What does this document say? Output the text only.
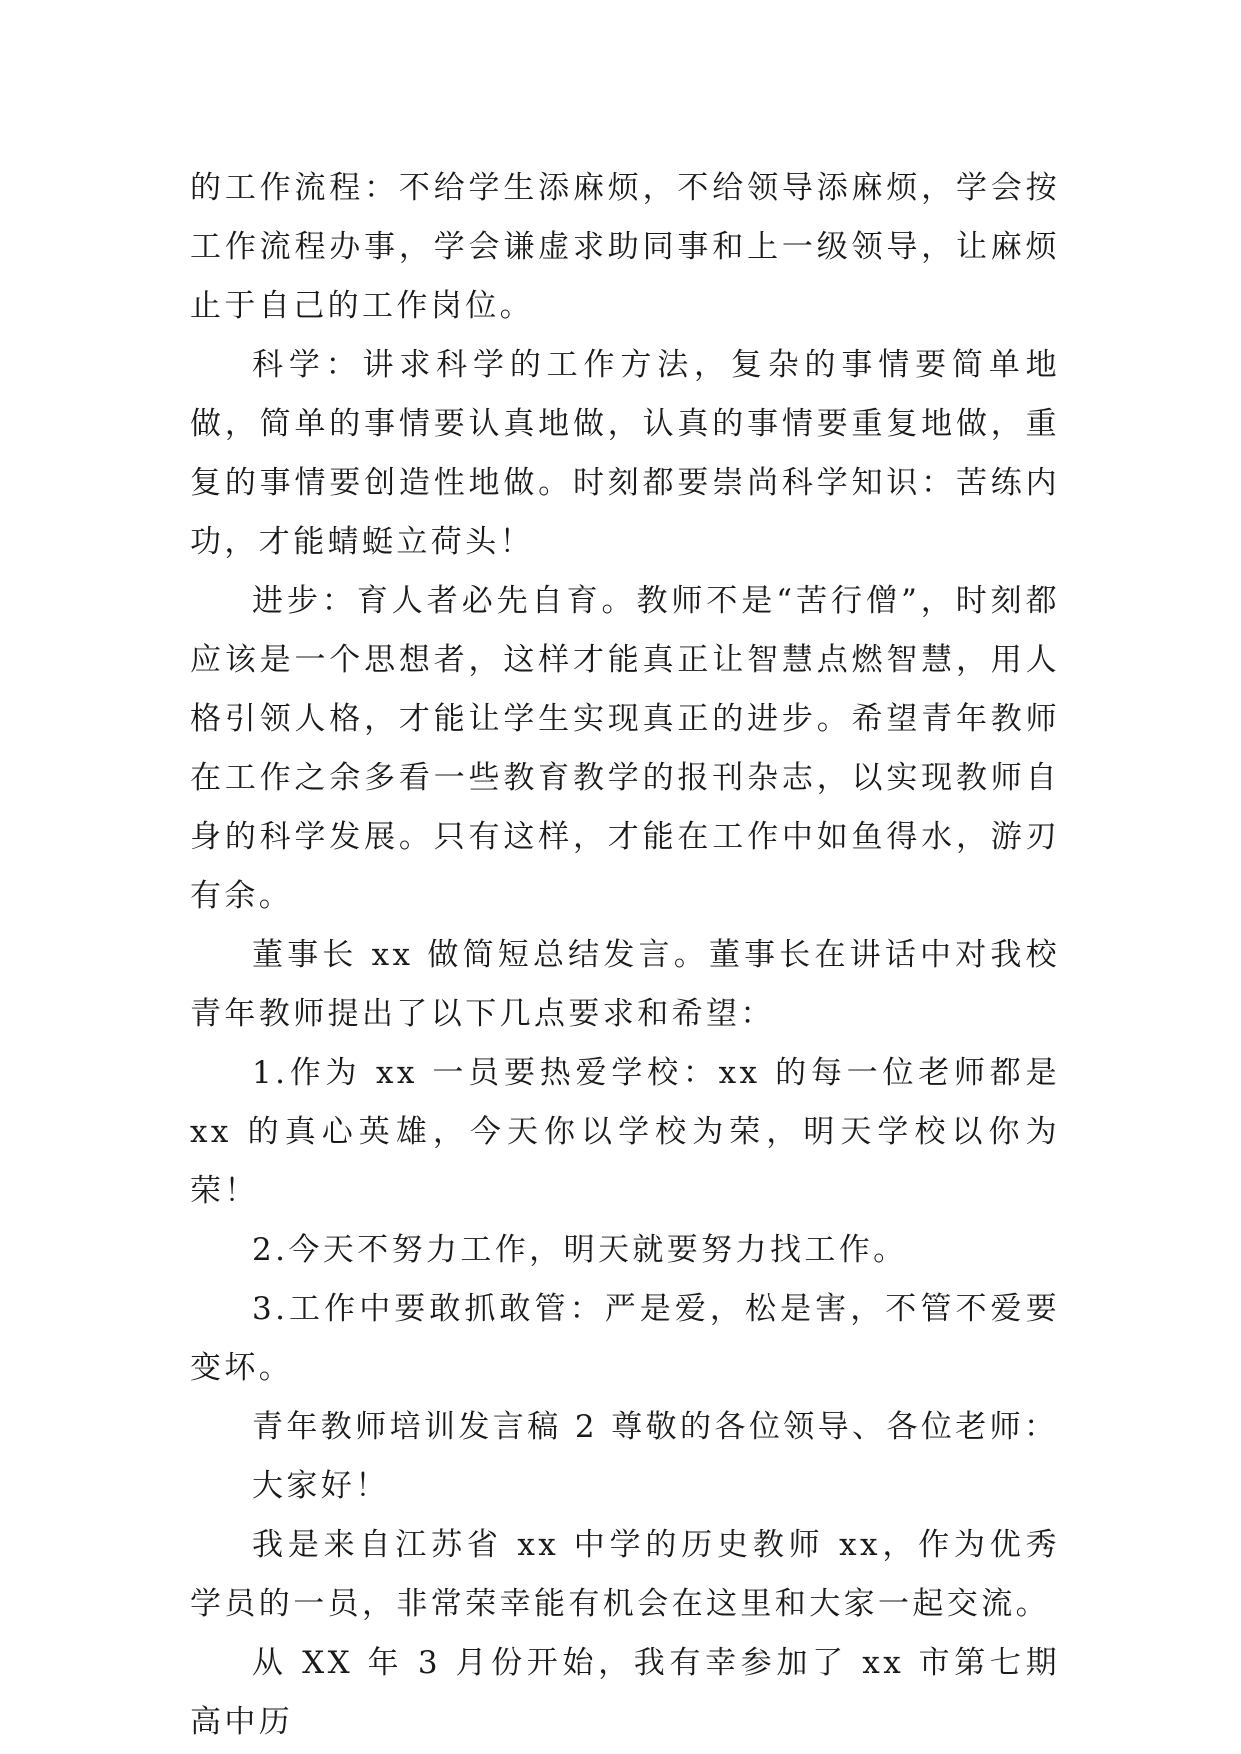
的工作流程：不给学生添麻烦，不给领导添麻烦，学会按工作流程办事，学会谦虚求助同事和上一级领导，让麻烦止于自己的工作岗位。

科学：讲求科学的工作方法，复杂的事情要简单地做，简单的事情要认真地做，认真的事情要重复地做，重复的事情要创造性地做。时刻都要崇尚科学知识：苦练内功，才能蜻蜓立荷头！

进步：育人者必先自育。教师不是“苦行僧”，时刻都应该是一个思想者，这样才能真正让智慧点燃智慧，用人格引领人格，才能让学生实现真正的进步。希望青年教师在工作之余多看一些教育教学的报刊杂志，以实现教师自身的科学发展。只有这样，才能在工作中如鱼得水，游刃有余。

董事长 xx 做简短总结发言。董事长在讲话中对我校青年教师提出了以下几点要求和希望：

1.作为 xx 一员要热爱学校：xx 的每一位老师都是 xx 的真心英雄，今天你以学校为荣，明天学校以你为荣！

2.今天不努力工作，明天就要努力找工作。

3.工作中要敢抓敢管：严是爱，松是害，不管不爱要变坏。

青年教师培训发言稿 2 尊敬的各位领导、各位老师：

大家好！

我是来自江苏省 xx 中学的历史教师 xx，作为优秀学员的一员，非常荣幸能有机会在这里和大家一起交流。

从 XX 年 3 月份开始，我有幸参加了 xx 市第七期高中历
